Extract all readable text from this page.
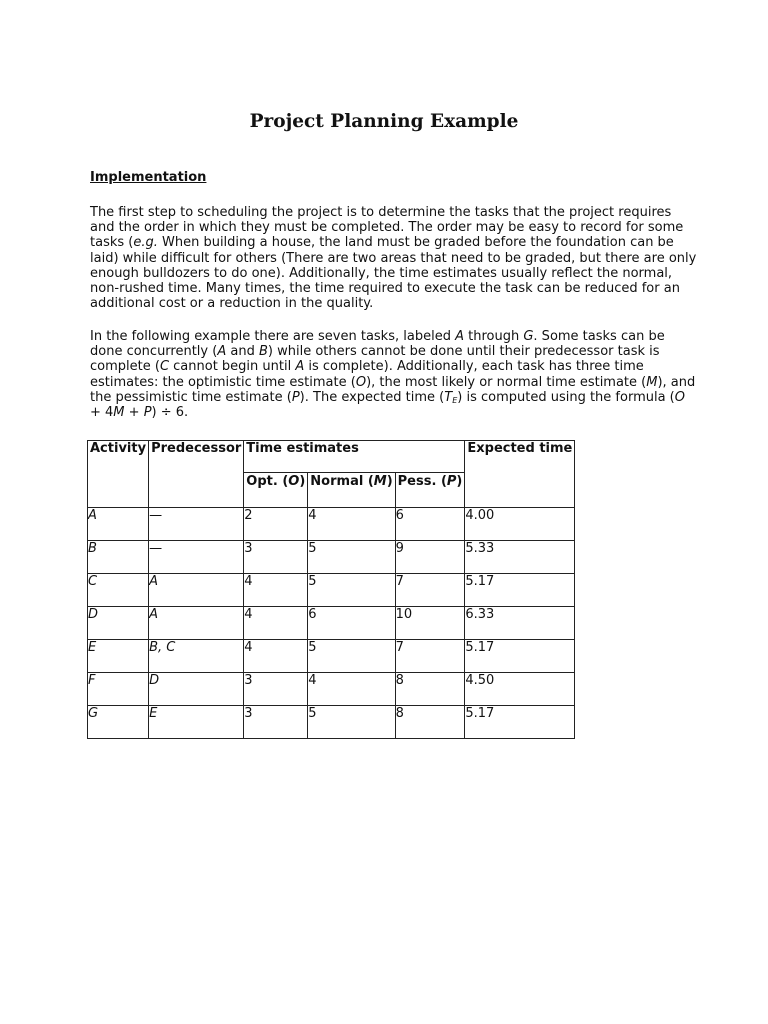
Project Planning Example
Implementation

The first step to scheduling the project is to determine the tasks that the project requires
and the order in which they must be completed. The order may be easy to record for some
tasks (e.g. When building a house, the land must be graded before the foundation can be
laid) while difficult for others (There are two areas that need to be graded, but there are only
enough bulldozers to do one). Additionally, the time estimates usually reflect the normal,
non-rushed time. Many times, the time required to execute the task can be reduced for an
additional cost or a reduction in the quality.

In the following example there are seven tasks, labeled A through G. Some tasks can be
done concurrently (A and B) while others cannot be done until their predecessor task is
complete (C cannot begin until A is complete). Additionally, each task has three time
estimates: the optimistic time estimate (O), the most likely or normal time estimate (M), and
the pessimistic time estimate (P). The expected time $(T_E)$ is computed using the formula (O
+ 4M + P) ÷ 6.

Activity	Predecessor	Time estimates			Expected time
		Opt. (O)	Normal (M)	Pess. (P)	
A	—	2	4	6	4.00
B	—	3	5	9	5.33
C	A	4	5	7	5.17
D	A	4	6	10	6.33
E	B, C	4	5	7	5.17
F	D	3	4	8	4.50
G	E	3	5	8	5.17
